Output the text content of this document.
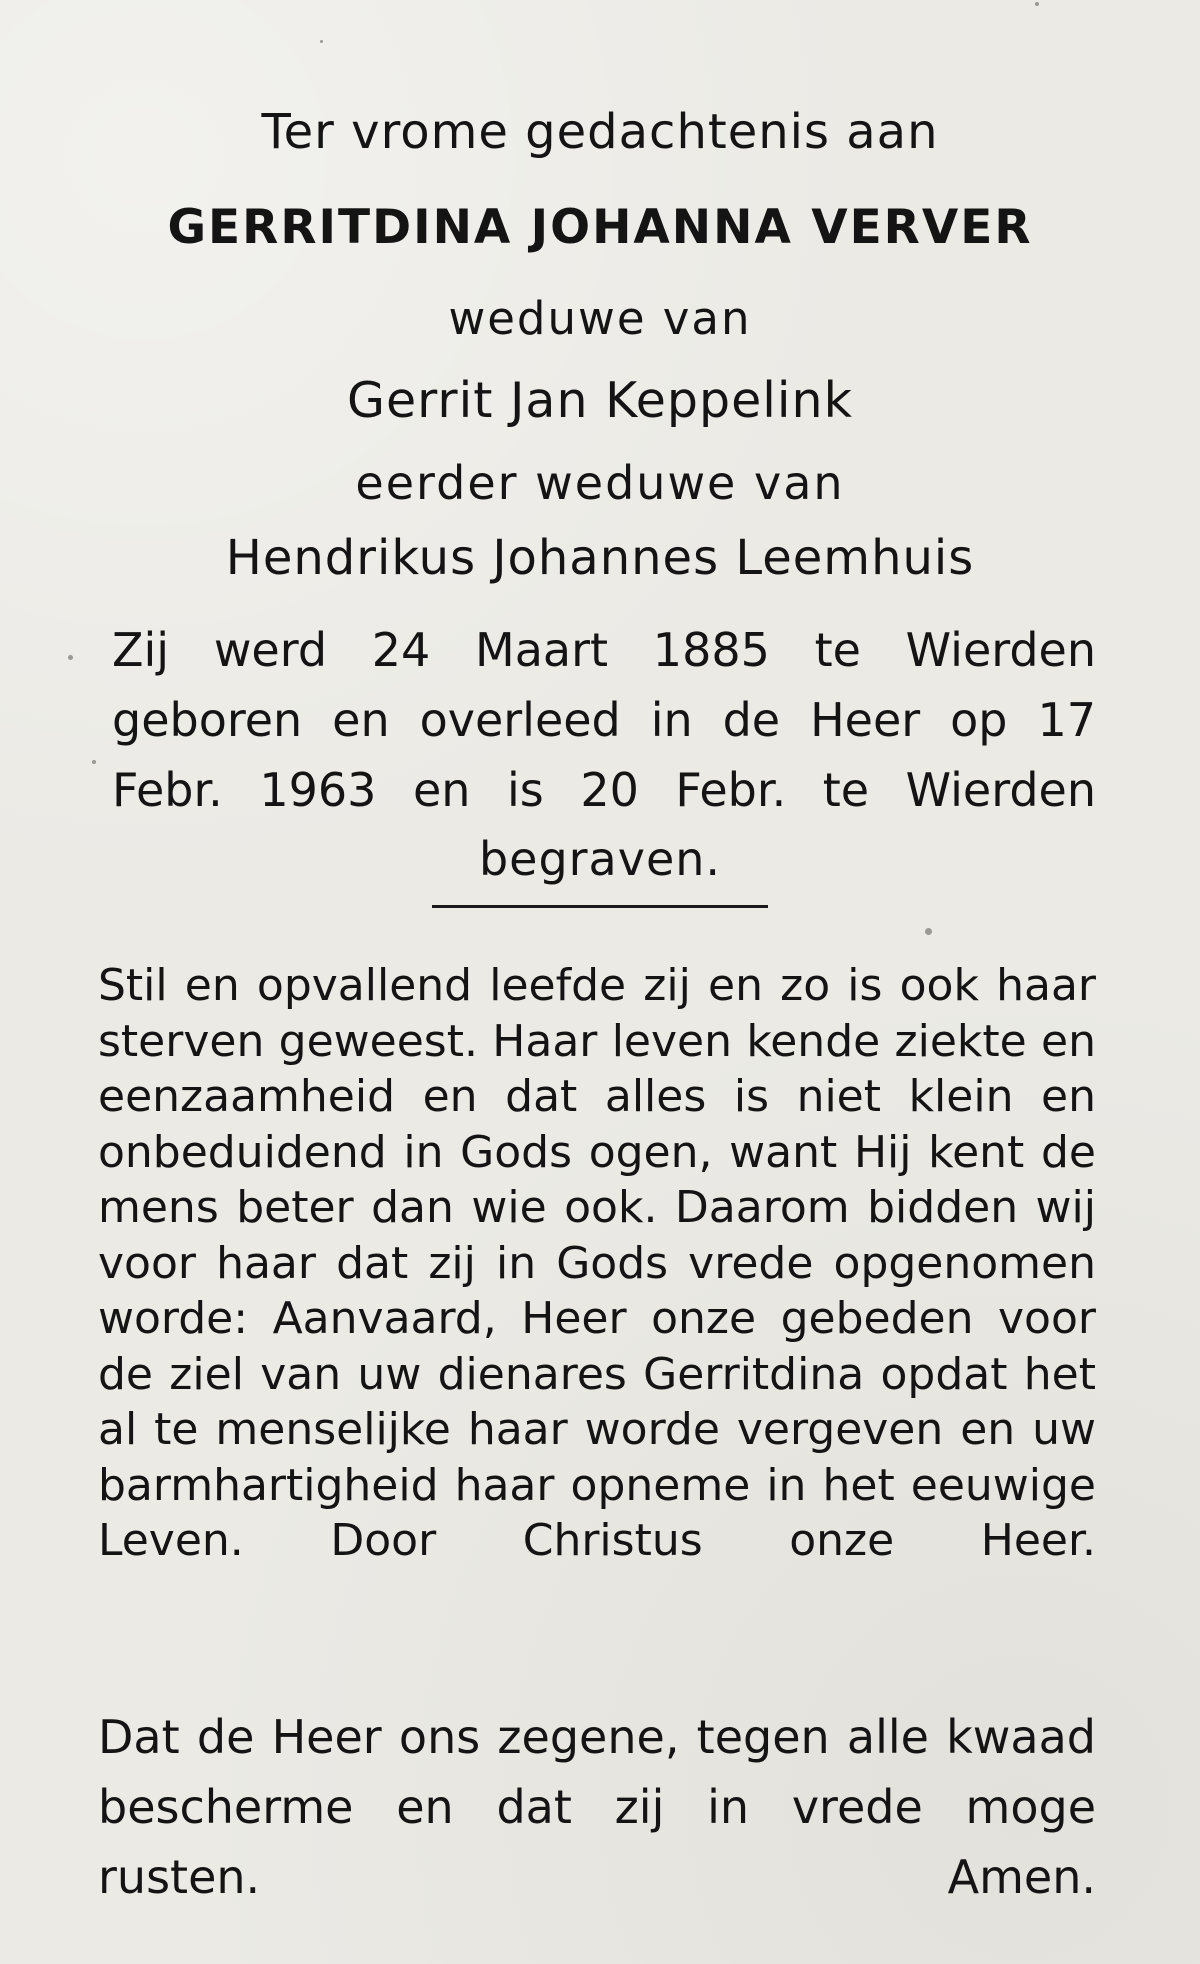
Ter vrome gedachtenis aan
GERRITDINA JOHANNA VERVER
weduwe van
Gerrit Jan Keppelink
eerder weduwe van
Hendrikus Johannes Leemhuis

Zij werd 24 Maart 1885 te Wierden geboren en overleed in de Heer op 17 Febr. 1963 en is 20 Febr. te Wierden

begraven.

Stil en opvallend leefde zij en zo is ook haar sterven geweest. Haar leven kende ziekte en eenzaamheid en dat alles is niet klein en onbeduidend in Gods ogen, want Hij kent de mens beter dan wie ook. Daarom bidden wij voor haar dat zij in Gods vrede opgenomen worde: Aanvaard, Heer onze gebeden voor de ziel van uw dienares Gerritdina opdat het al te menselijke haar worde vergeven en uw barmhartigheid haar opneme in het eeuwige Leven. Door Christus onze Heer.

Dat de Heer ons zegene, tegen alle kwaad bescherme en dat zij in vrede moge rusten. Amen.
